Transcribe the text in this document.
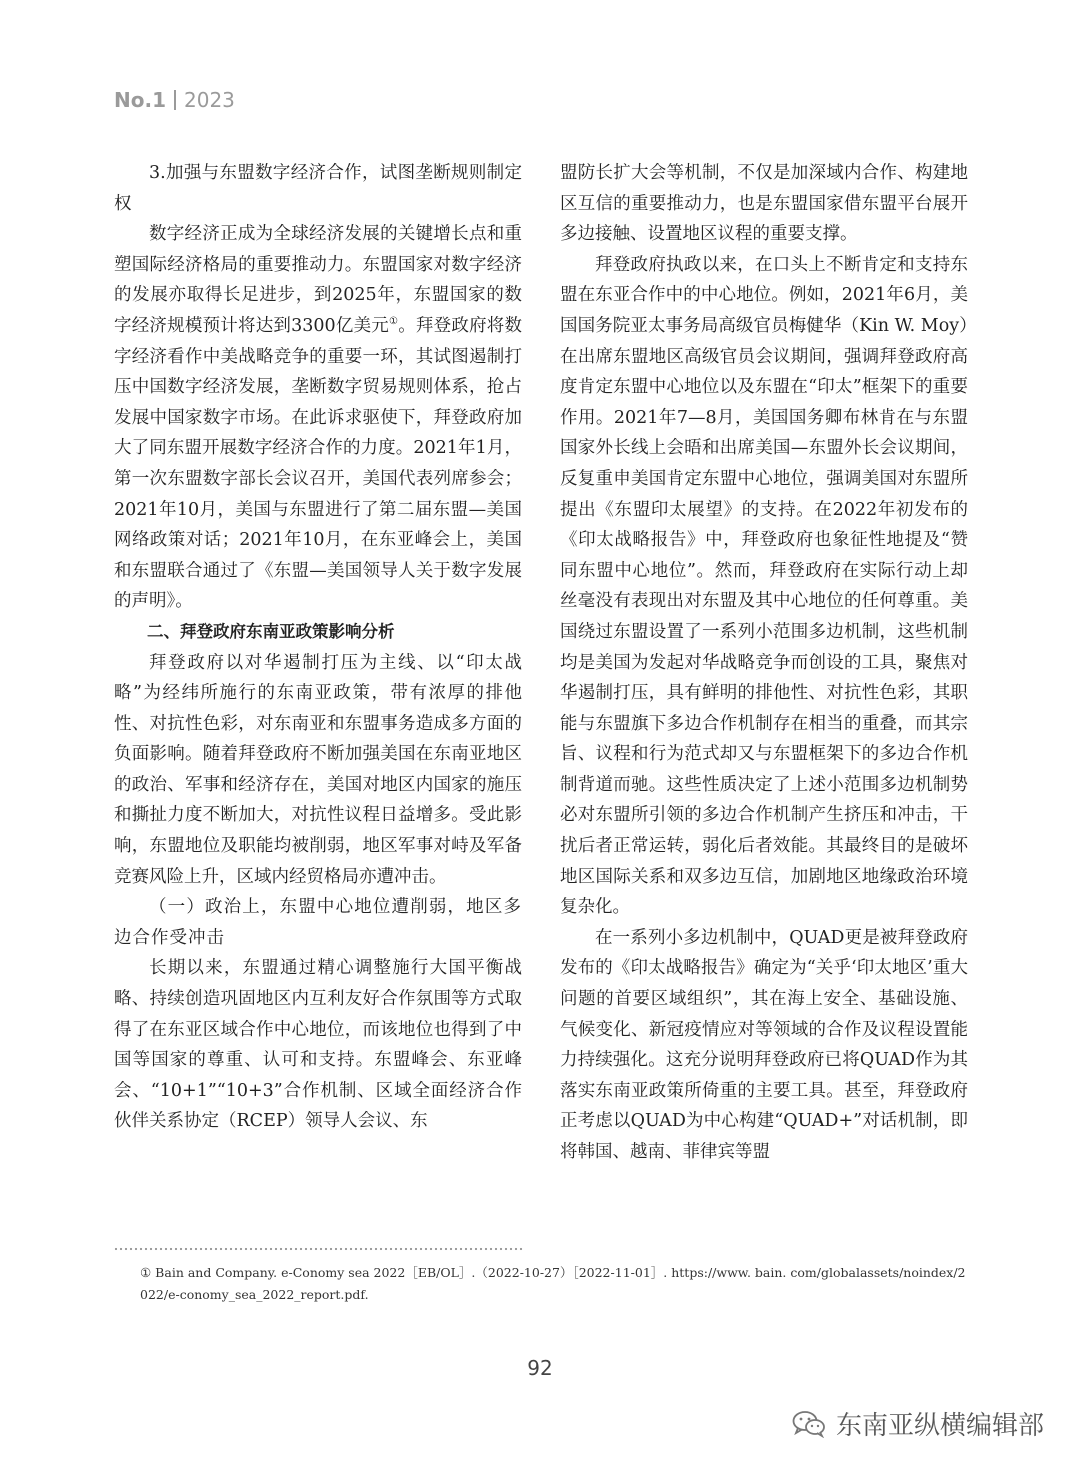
No.1 2023

3.加强与东盟数字经济合作，试图垄断规则制定权

数字经济正成为全球经济发展的关键增长点和重塑国际经济格局的重要推动力。东盟国家对数字经济的发展亦取得长足进步，到2025年，东盟国家的数字经济规模预计将达到3300亿美元①。拜登政府将数字经济看作中美战略竞争的重要一环，其试图遏制打压中国数字经济发展，垄断数字贸易规则体系，抢占发展中国家数字市场。在此诉求驱使下，拜登政府加大了同东盟开展数字经济合作的力度。2021年1月，第一次东盟数字部长会议召开，美国代表列席参会；2021年10月，美国与东盟进行了第二届东盟—美国网络政策对话；2021年10月，在东亚峰会上，美国和东盟联合通过了《东盟—美国领导人关于数字发展的声明》。

二、拜登政府东南亚政策影响分析

拜登政府以对华遏制打压为主线、以“印太战略”为经纬所施行的东南亚政策，带有浓厚的排他性、对抗性色彩，对东南亚和东盟事务造成多方面的负面影响。随着拜登政府不断加强美国在东南亚地区的政治、军事和经济存在，美国对地区内国家的施压和撕扯力度不断加大，对抗性议程日益增多。受此影响，东盟地位及职能均被削弱，地区军事对峙及军备竞赛风险上升，区域内经贸格局亦遭冲击。

（一）政治上，东盟中心地位遭削弱，地区多边合作受冲击

长期以来，东盟通过精心调整施行大国平衡战略、持续创造巩固地区内互利友好合作氛围等方式取得了在东亚区域合作中心地位，而该地位也得到了中国等国家的尊重、认可和支持。东盟峰会、东亚峰会、“10+1”“10+3”合作机制、区域全面经济合作伙伴关系协定（RCEP）领导人会议、东

盟防长扩大会等机制，不仅是加深域内合作、构建地区互信的重要推动力，也是东盟国家借东盟平台展开多边接触、设置地区议程的重要支撑。

拜登政府执政以来，在口头上不断肯定和支持东盟在东亚合作中的中心地位。例如，2021年6月，美国国务院亚太事务局高级官员梅健华（Kin W. Moy）在出席东盟地区高级官员会议期间，强调拜登政府高度肯定东盟中心地位以及东盟在“印太”框架下的重要作用。2021年7—8月，美国国务卿布林肯在与东盟国家外长线上会晤和出席美国—东盟外长会议期间，反复重申美国肯定东盟中心地位，强调美国对东盟所提出《东盟印太展望》的支持。在2022年初发布的《印太战略报告》中，拜登政府也象征性地提及“赞同东盟中心地位”。然而，拜登政府在实际行动上却丝毫没有表现出对东盟及其中心地位的任何尊重。美国绕过东盟设置了一系列小范围多边机制，这些机制均是美国为发起对华战略竞争而创设的工具，聚焦对华遏制打压，具有鲜明的排他性、对抗性色彩，其职能与东盟旗下多边合作机制存在相当的重叠，而其宗旨、议程和行为范式却又与东盟框架下的多边合作机制背道而驰。这些性质决定了上述小范围多边机制势必对东盟所引领的多边合作机制产生挤压和冲击，干扰后者正常运转，弱化后者效能。其最终目的是破坏地区国际关系和双多边互信，加剧地区地缘政治环境复杂化。

在一系列小多边机制中，QUAD更是被拜登政府发布的《印太战略报告》确定为“关乎‘印太地区’重大问题的首要区域组织”，其在海上安全、基础设施、气候变化、新冠疫情应对等领域的合作及议程设置能力持续强化。这充分说明拜登政府已将QUAD作为其落实东南亚政策所倚重的主要工具。甚至，拜登政府正考虑以QUAD为中心构建“QUAD+”对话机制，即将韩国、越南、菲律宾等盟

① Bain and Company. e-Conomy sea 2022［EB/OL］.（2022-10-27）［2022-11-01］. https://www. bain. com/globalassets/noindex/2022/e-conomy_sea_2022_report.pdf.
92
东南亚纵横编辑部
